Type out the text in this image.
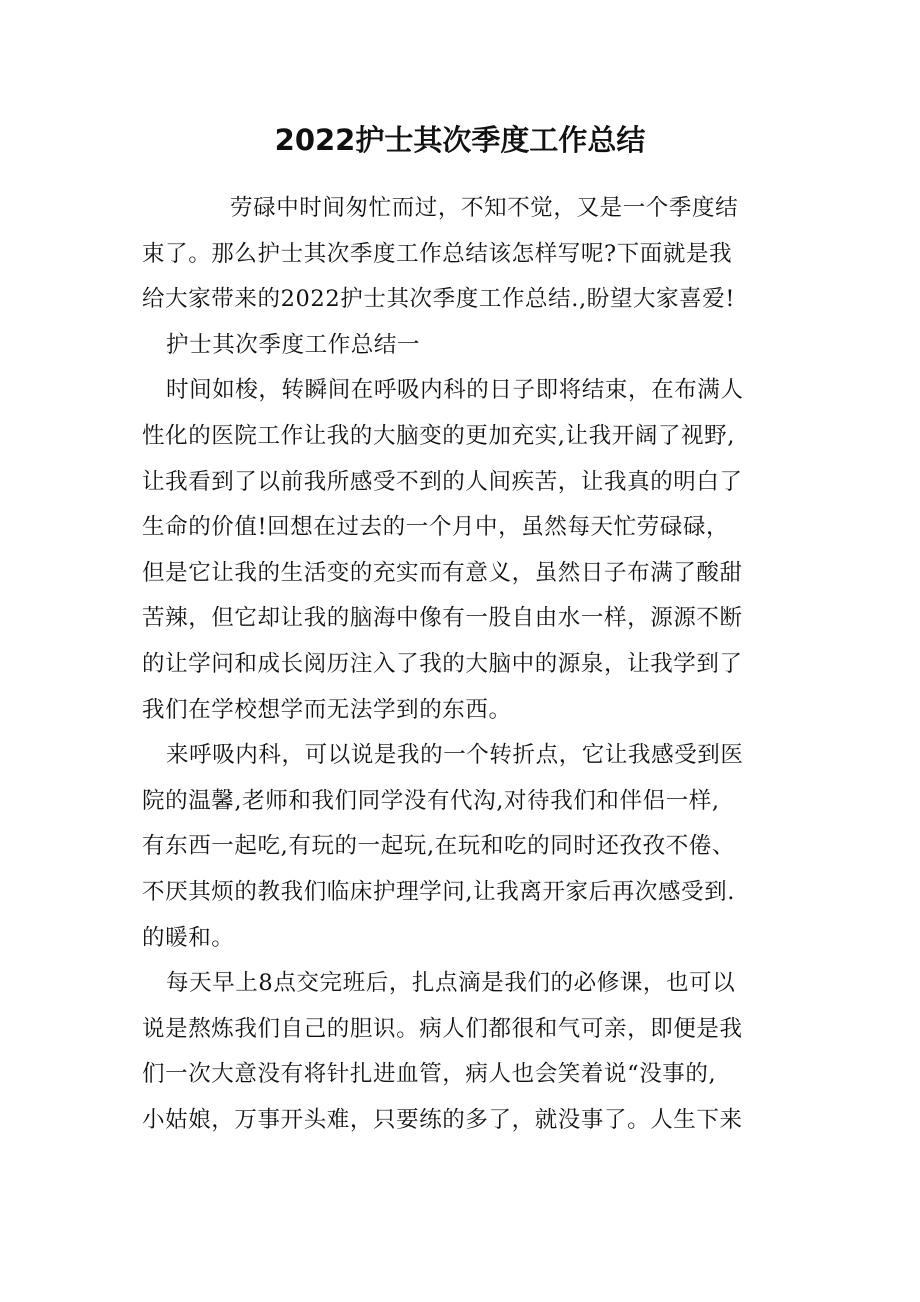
2022护士其次季度工作总结
劳碌中时间匆忙而过，不知不觉，又是一个季度结
束了。那么护士其次季度工作总结该怎样写呢?下面就是我
给大家带来的2022护士其次季度工作总结.,盼望大家喜爱!
护士其次季度工作总结一
时间如梭，转瞬间在呼吸内科的日子即将结束，在布满人
性化的医院工作让我的大脑变的更加充实,让我开阔了视野,
让我看到了以前我所感受不到的人间疾苦，让我真的明白了
生命的价值!回想在过去的一个月中，虽然每天忙劳碌碌，
但是它让我的生活变的充实而有意义，虽然日子布满了酸甜
苦辣，但它却让我的脑海中像有一股自由水一样，源源不断
的让学问和成长阅历注入了我的大脑中的源泉，让我学到了
我们在学校想学而无法学到的东西。
来呼吸内科，可以说是我的一个转折点，它让我感受到医
院的温馨,老师和我们同学没有代沟,对待我们和伴侣一样,
有东西一起吃,有玩的一起玩,在玩和吃的同时还孜孜不倦、
不厌其烦的教我们临床护理学问,让我离开家后再次感受到.
的暖和。
每天早上8点交完班后，扎点滴是我们的必修课，也可以
说是熬炼我们自己的胆识。病人们都很和气可亲，即便是我
们一次大意没有将针扎进血管，病人也会笑着说“没事的,
小姑娘，万事开头难，只要练的多了，就没事了。人生下来
